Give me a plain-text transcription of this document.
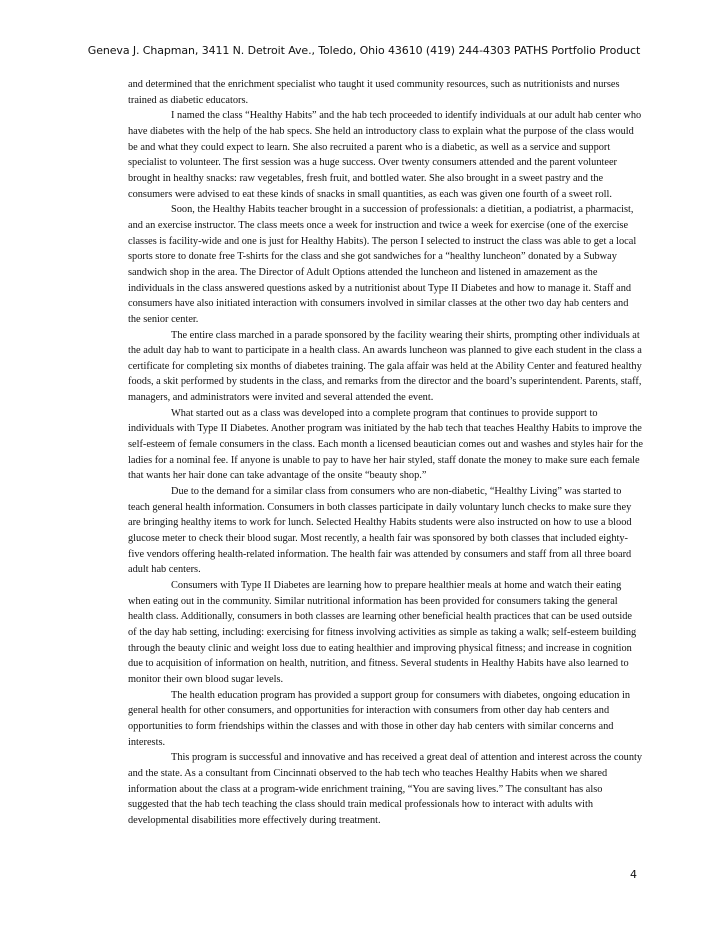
Geneva J. Chapman, 3411 N. Detroit Ave., Toledo, Ohio 43610 (419) 244-4303 PATHS Portfolio Product

and determined that the enrichment specialist who taught it used community resources, such as nutritionists and nurses trained as diabetic educators.

I named the class “Healthy Habits” and the hab tech proceeded to identify individuals at our adult hab center who have diabetes with the help of the hab specs. She held an introductory class to explain what the purpose of the class would be and what they could expect to learn. She also recruited a parent who is a diabetic, as well as a service and support specialist to volunteer. The first session was a huge success. Over twenty consumers attended and the parent volunteer brought in healthy snacks: raw vegetables, fresh fruit, and bottled water. She also brought in a sweet pastry and the consumers were advised to eat these kinds of snacks in small quantities, as each was given one fourth of a sweet roll.

Soon, the Healthy Habits teacher brought in a succession of professionals: a dietitian, a podiatrist, a pharmacist, and an exercise instructor. The class meets once a week for instruction and twice a week for exercise (one of the exercise classes is facility-wide and one is just for Healthy Habits). The person I selected to instruct the class was able to get a local sports store to donate free T-shirts for the class and she got sandwiches for a “healthy luncheon” donated by a Subway sandwich shop in the area. The Director of Adult Options attended the luncheon and listened in amazement as the individuals in the class answered questions asked by a nutritionist about Type II Diabetes and how to manage it. Staff and consumers have also initiated interaction with consumers involved in similar classes at the other two day hab centers and the senior center.

The entire class marched in a parade sponsored by the facility wearing their shirts, prompting other individuals at the adult day hab to want to participate in a health class. An awards luncheon was planned to give each student in the class a certificate for completing six months of diabetes training. The gala affair was held at the Ability Center and featured healthy foods, a skit performed by students in the class, and remarks from the director and the board’s superintendent. Parents, staff, managers, and administrators were invited and several attended the event.

What started out as a class was developed into a complete program that continues to provide support to individuals with Type II Diabetes. Another program was initiated by the hab tech that teaches Healthy Habits to improve the self-esteem of female consumers in the class. Each month a licensed beautician comes out and washes and styles hair for the ladies for a nominal fee. If anyone is unable to pay to have her hair styled, staff donate the money to make sure each female that wants her hair done can take advantage of the onsite “beauty shop.”

Due to the demand for a similar class from consumers who are non-diabetic, “Healthy Living” was started to teach general health information. Consumers in both classes participate in daily voluntary lunch checks to make sure they are bringing healthy items to work for lunch. Selected Healthy Habits students were also instructed on how to use a blood glucose meter to check their blood sugar. Most recently, a health fair was sponsored by both classes that included eighty-five vendors offering health-related information. The health fair was attended by consumers and staff from all three board adult hab centers.

Consumers with Type II Diabetes are learning how to prepare healthier meals at home and watch their eating when eating out in the community. Similar nutritional information has been provided for consumers taking the general health class. Additionally, consumers in both classes are learning other beneficial health practices that can be used outside of the day hab setting, including: exercising for fitness involving activities as simple as taking a walk; self-esteem building through the beauty clinic and weight loss due to eating healthier and improving physical fitness; and increase in cognition due to acquisition of information on health, nutrition, and fitness. Several students in Healthy Habits have also learned to monitor their own blood sugar levels.

The health education program has provided a support group for consumers with diabetes, ongoing education in general health for other consumers, and opportunities for interaction with consumers from other day hab centers and opportunities to form friendships within the classes and with those in other day hab centers with similar concerns and interests.

This program is successful and innovative and has received a great deal of attention and interest across the county and the state. As a consultant from Cincinnati observed to the hab tech who teaches Healthy Habits when we shared information about the class at a program-wide enrichment training, “You are saving lives.” The consultant has also suggested that the hab tech teaching the class should train medical professionals how to interact with adults with developmental disabilities more effectively during treatment.

4
